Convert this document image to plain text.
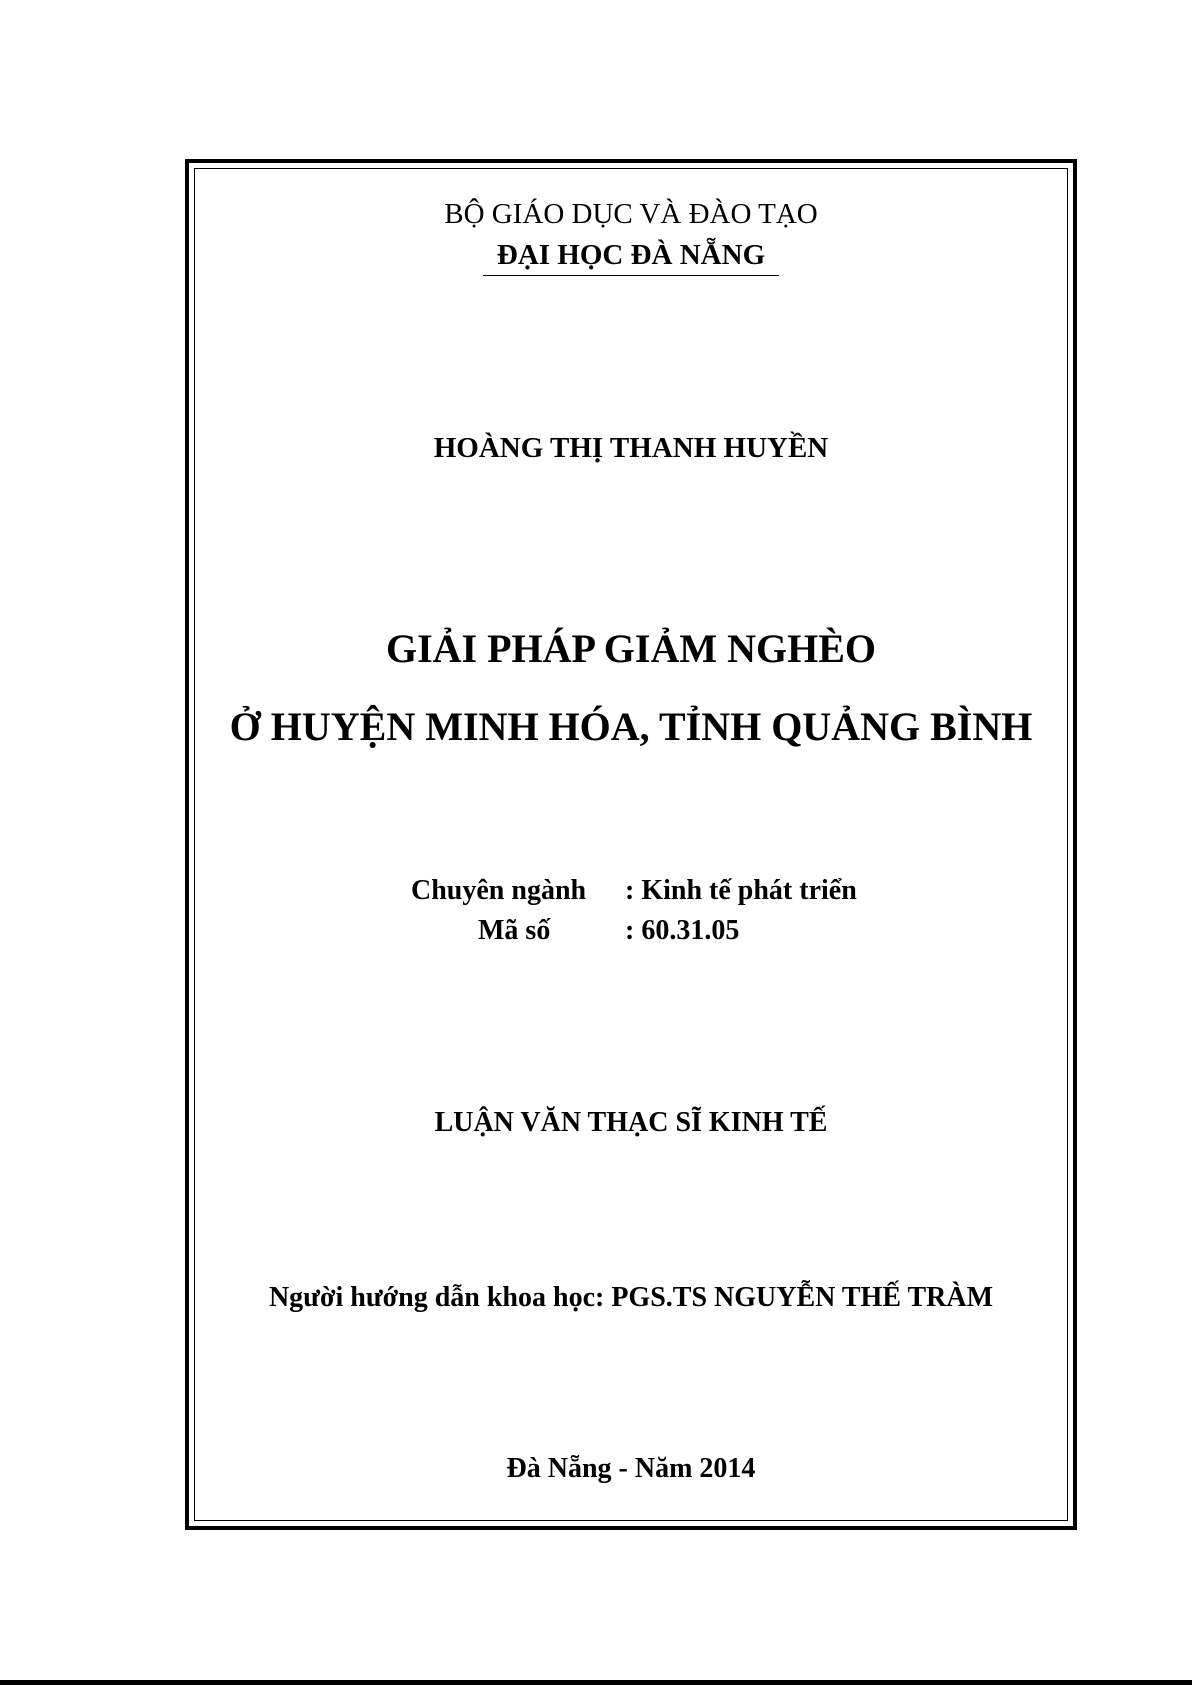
BỘ GIÁO DỤC VÀ ĐÀO TẠO
ĐẠI HỌC ĐÀ NẴNG
HOÀNG THỊ THANH HUYỀN
GIẢI PHÁP GIẢM NGHÈO
Ở HUYỆN MINH HÓA, TỈNH QUẢNG BÌNH
Chuyên ngành : Kinh tế phát triển
Mã số	: 60.31.05
LUẬN VĂN THẠC SĨ KINH TẾ
Người hướng dẫn khoa học: PGS.TS NGUYỄN THẾ TRÀM
Đà Nẵng - Năm 2014
